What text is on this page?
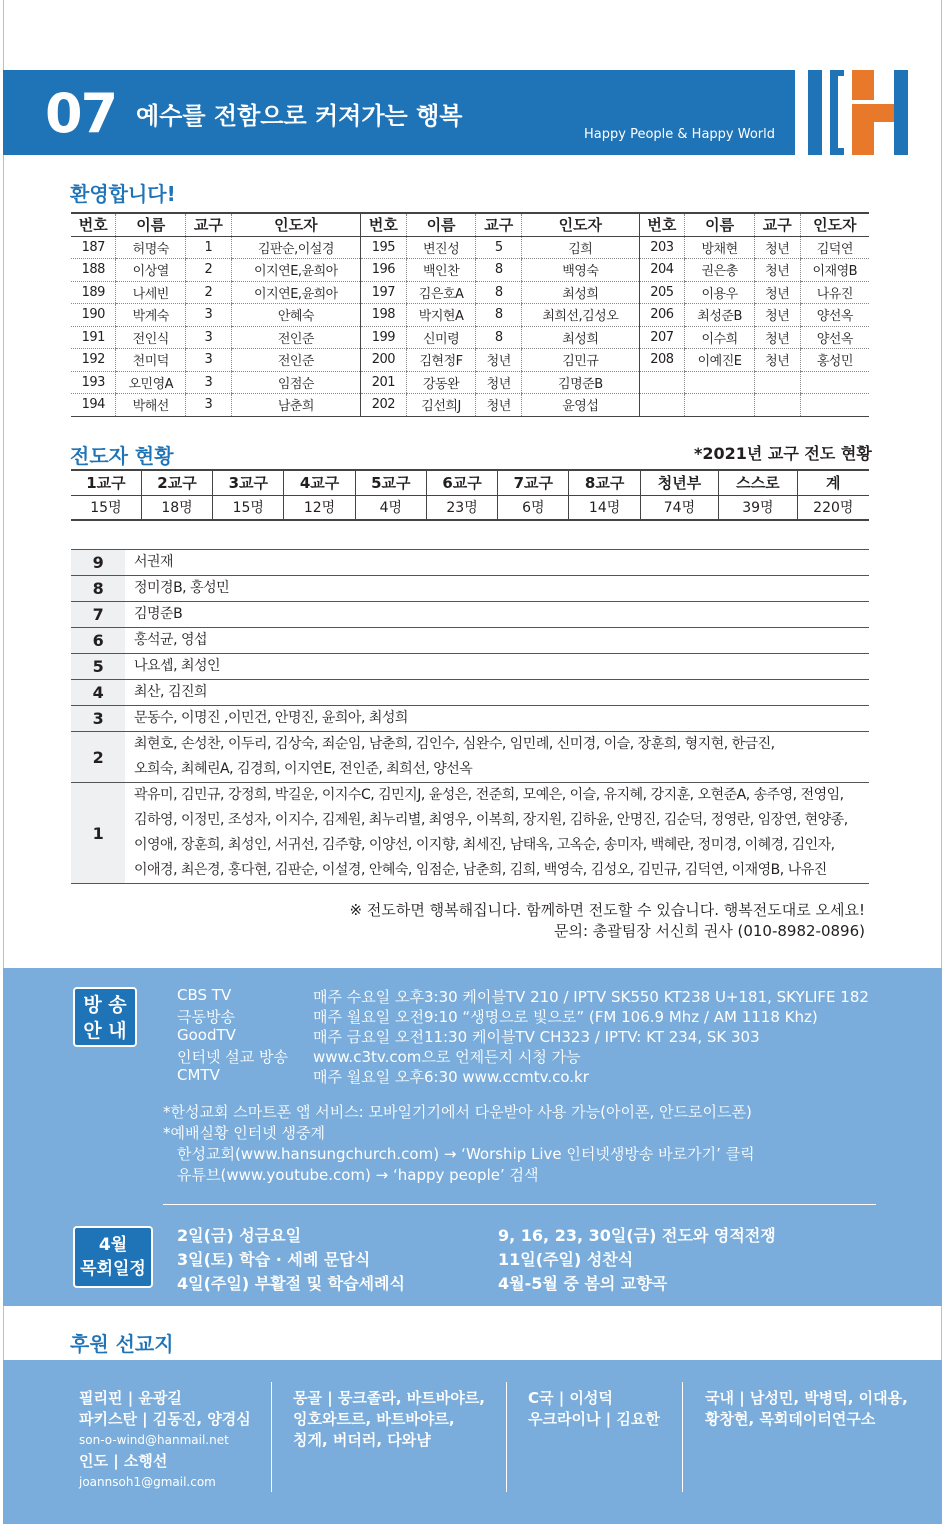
07 예수를 전함으로 커져가는 행복
Happy People & Happy World
환영합니다!
번호	이름	교구	인도자	번호	이름	교구	인도자	번호	이름	교구	인도자
187	허명숙	1	김판순,이설경	195	변진성	5	김희	203	방채현	청년	김덕연
188	이상열	2	이지연E,윤희아	196	백인찬	8	백영숙	204	권은총	청년	이재영B
189	나세빈	2	이지연E,윤희아	197	김은호A	8	최성희	205	이용우	청년	나유진
190	박계숙	3	안혜숙	198	박지현A	8	최희선,김성오	206	최성준B	청년	양선옥
191	전인식	3	전인준	199	신미령	8	최성희	207	이수희	청년	양선옥
192	천미덕	3	전인준	200	김현정F	청년	김민규	208	이예진E	청년	홍성민
193	오민영A	3	임점순	201	강동완	청년	김명준B				
194	박해선	3	남춘희	202	김선희J	청년	윤영섭				
전도자 현황	*2021년 교구 전도 현황
1교구	2교구	3교구	4교구	5교구	6교구	7교구	8교구	청년부	스스로	계
15명	18명	15명	12명	4명	23명	6명	14명	74명	39명	220명
9	서권재

8	정미경B, 홍성민

7	김명준B

6	홍석균, 영섭

5	나요셉, 최성인

4	최산, 김진희

3	문동수, 이명진 ,이민건, 안명진, 윤희아, 최성희

2	최현호, 손성찬, 이두리, 김상숙, 죄순임, 남춘희, 김인수, 심완수, 임민례, 신미경, 이슬, 장훈희, 형지현, 한금진,
오희숙, 최혜린A, 김경희, 이지연E, 전인준, 최희선, 양선옥

1	곽유미, 김민규, 강정희, 박길운, 이지수C, 김민지J, 윤성은, 전준희, 모예은, 이슬, 유지혜, 강지훈, 오현준A, 송주영, 전영임,
김하영, 이정민, 조성자, 이지수, 김제원, 최누리별, 최영우, 이복희, 장지원, 김하윤, 안명진, 김순덕, 정영란, 임장연, 현양종,
이영애, 장훈희, 최성인, 서귀선, 김주향, 이양선, 이지향, 최세진, 남태옥, 고옥순, 송미자, 백혜란, 정미경, 이혜경, 김인자,
이애경, 최은경, 홍다현, 김판순, 이설경, 안혜숙, 임점순, 남춘희, 김희, 백영숙, 김성오, 김민규, 김덕연, 이재영B, 나유진
※ 전도하면 행복해집니다. 함께하면 전도할 수 있습니다. 행복전도대로 오세요!
문의: 총괄팀장 서신희 권사 (010-8982-0896)
방 송
안 내
CBS TV	매주 수요일 오후3:30 케이블TV 210 / IPTV SK550 KT238 U+181, SKYLIFE 182
극동방송	매주 월요일 오전9:10 “생명으로 빛으로” (FM 106.9 Mhz / AM 1118 Khz)
GoodTV	매주 금요일 오전11:30 케이블TV CH323 / IPTV: KT 234, SK 303
인터넷 설교 방송	www.c3tv.com으로 언제든지 시청 가능
CMTV	매주 월요일 오후6:30 www.ccmtv.co.kr
*한성교회 스마트폰 앱 서비스: 모바일기기에서 다운받아 사용 가능(아이폰, 안드로이드폰)
*예배실황 인터넷 생중계
한성교회(www.hansungchurch.com) → ‘Worship Live 인터넷생방송 바로가기’ 클릭
유튜브(www.youtube.com) → ‘happy people’ 검색
4월
목회일정
2일(금) 성금요일
3일(토) 학습 · 세례 문답식
4일(주일) 부활절 및 학습세례식
9, 16, 23, 30일(금) 전도와 영적전쟁
11일(주일) 성찬식
4월-5월 중 봄의 교향곡
후원 선교지
필리핀 | 윤광길
파키스탄 | 김동진, 양경심
son-o-wind@hanmail.net
인도 | 소행선
joannsoh1@gmail.com
몽골 | 뭉크졸라, 바트바야르,
잉호와트르, 바트바야르,
칭게, 버더러, 다와냠
C국 | 이성덕
우크라이나 | 김요한
국내 | 남성민, 박병덕, 이대용,
황창현, 목회데이터연구소
